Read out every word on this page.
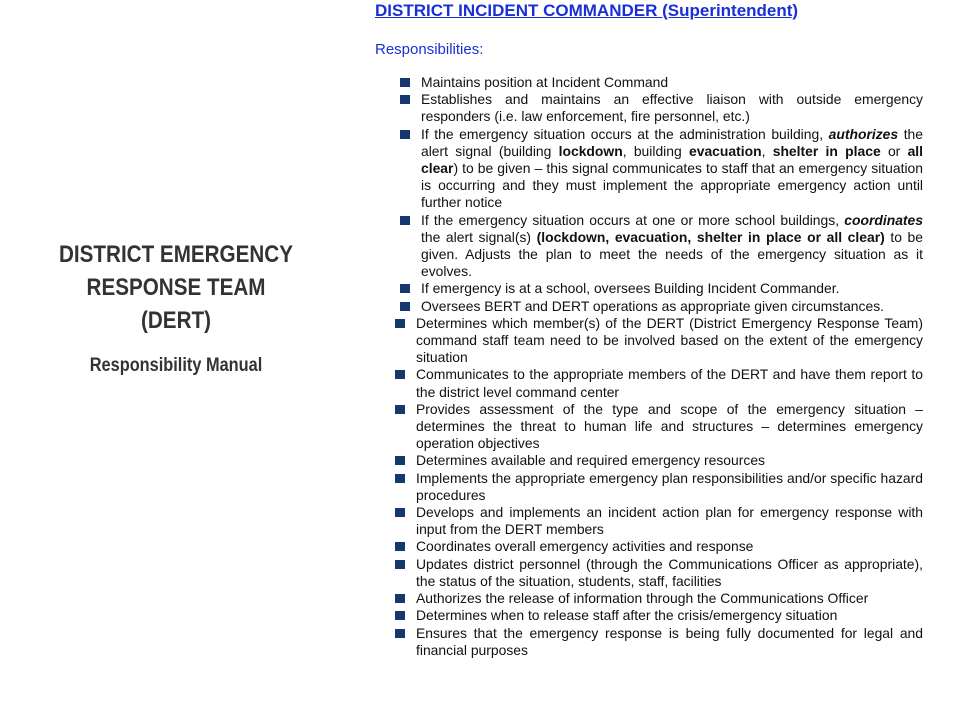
DISTRICT EMERGENCY
RESPONSE TEAM
(DERT)
Responsibility Manual
DISTRICT INCIDENT COMMANDER (Superintendent)

Responsibilities:

Maintains position at Incident Command
Establishes and maintains an effective liaison with outside emergency responders (i.e. law enforcement, fire personnel, etc.)
If the emergency situation occurs at the administration building, authorizes the alert signal (building lockdown, building evacuation, shelter in place or all clear) to be given – this signal communicates to staff that an emergency situation is occurring and they must implement the appropriate emergency action until further notice
If the emergency situation occurs at one or more school buildings, coordinates the alert signal(s) (lockdown, evacuation, shelter in place or all clear) to be given. Adjusts the plan to meet the needs of the emergency situation as it evolves.
If emergency is at a school, oversees Building Incident Commander.
Oversees BERT and DERT operations as appropriate given circumstances.
Determines which member(s) of the DERT (District Emergency Response Team) command staff team need to be involved based on the extent of the emergency situation
Communicates to the appropriate members of the DERT and have them report to the district level command center
Provides assessment of the type and scope of the emergency situation – determines the threat to human life and structures – determines emergency operation objectives
Determines available and required emergency resources
Implements the appropriate emergency plan responsibilities and/or specific hazard procedures
Develops and implements an incident action plan for emergency response with input from the DERT members
Coordinates overall emergency activities and response
Updates district personnel (through the Communications Officer as appropriate), the status of the situation, students, staff, facilities
Authorizes the release of information through the Communications Officer
Determines when to release staff after the crisis/emergency situation
Ensures that the emergency response is being fully documented for legal and financial purposes
